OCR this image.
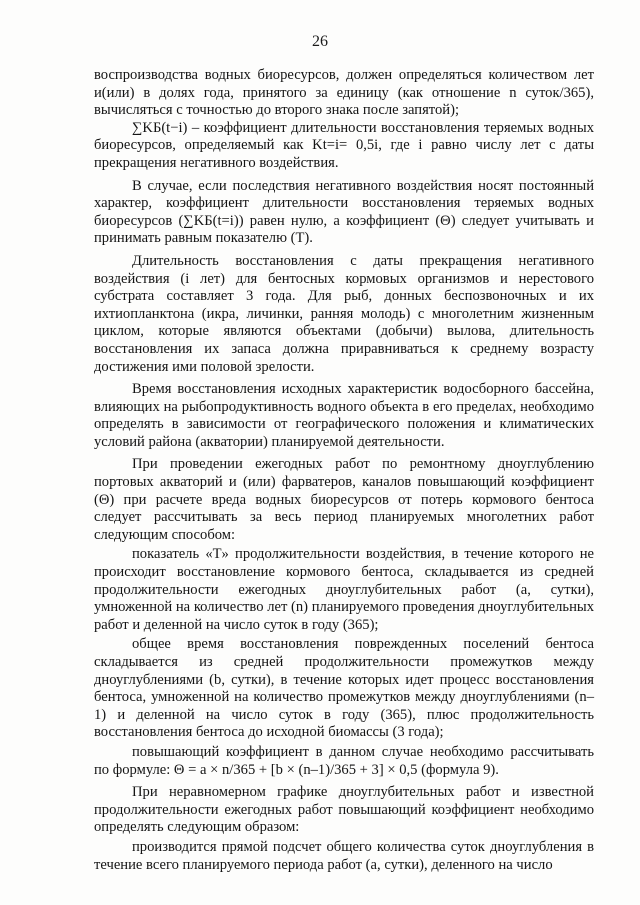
26

воспроизводства водных биоресурсов, должен определяться количеством лет и(или) в долях года, принятого за единицу (как отношение n суток/365), вычисляться с точностью до второго знака после запятой);

∑KБ(t−i) – коэффициент длительности восстановления теряемых водных биоресурсов, определяемый как Kt=i= 0,5i, где i равно числу лет с даты прекращения негативного воздействия.

В случае, если последствия негативного воздействия носят постоянный характер, коэффициент длительности восстановления теряемых водных биоресурсов (∑KБ(t=i)) равен нулю, а коэффициент (Θ) следует учитывать и принимать равным показателю (T).

Длительность восстановления с даты прекращения негативного воздействия (i лет) для бентосных кормовых организмов и нерестового субстрата составляет 3 года. Для рыб, донных беспозвоночных и их ихтиопланктона (икра, личинки, ранняя молодь) с многолетним жизненным циклом, которые являются объектами (добычи) вылова, длительность восстановления их запаса должна приравниваться к среднему возрасту достижения ими половой зрелости.

Время восстановления исходных характеристик водосборного бассейна, влияющих на рыбопродуктивность водного объекта в его пределах, необходимо определять в зависимости от географического положения и климатических условий района (акватории) планируемой деятельности.

При проведении ежегодных работ по ремонтному дноуглублению портовых акваторий и (или) фарватеров, каналов повышающий коэффициент (Θ) при расчете вреда водных биоресурсов от потерь кормового бентоса следует рассчитывать за весь период планируемых многолетних работ следующим способом:

показатель «T» продолжительности воздействия, в течение которого не происходит восстановление кормового бентоса, складывается из средней продолжительности ежегодных дноуглубительных работ (а, сутки), умноженной на количество лет (n) планируемого проведения дноуглубительных работ и деленной на число суток в году (365);

общее время восстановления поврежденных поселений бентоса складывается из средней продолжительности промежутков между дноуглублениями (b, сутки), в течение которых идет процесс восстановления бентоса, умноженной на количество промежутков между дноуглублениями (n–1) и деленной на число суток в году (365), плюс продолжительность восстановления бентоса до исходной биомассы (3 года);

повышающий коэффициент в данном случае необходимо рассчитывать по формуле: Θ = a × n/365 + [b × (n–1)/365 + 3] × 0,5 (формула 9).

При неравномерном графике дноуглубительных работ и известной продолжительности ежегодных работ повышающий коэффициент необходимо определять следующим образом:

производится прямой подсчет общего количества суток дноуглубления в течение всего планируемого периода работ (а, сутки), деленного на число
